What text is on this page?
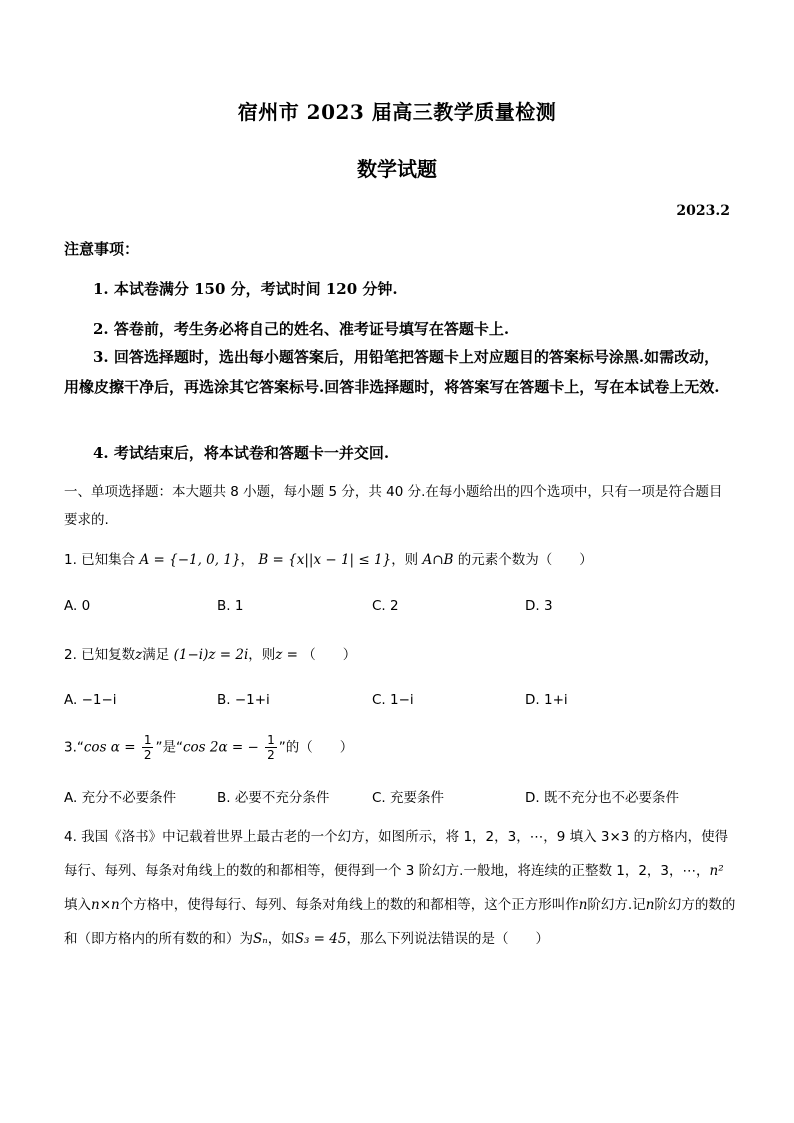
宿州市 2023 届高三教学质量检测
数学试题
2023.2
注意事项：
1. 本试卷满分 150 分，考试时间 120 分钟.
2. 答卷前，考生务必将自己的姓名、准考证号填写在答题卡上.
3. 回答选择题时，选出每小题答案后，用铅笔把答题卡上对应题目的答案标号涂黑.如需改动，用橡皮擦干净后，再选涂其它答案标号.回答非选择题时，将答案写在答题卡上，写在本试卷上无效.
4. 考试结束后，将本试卷和答题卡一并交回.
一、单项选择题：本大题共 8 小题，每小题 5 分，共 40 分.在每小题给出的四个选项中，只有一项是符合题目要求的.
1. 已知集合 A = {−1, 0, 1}， B = {x||x − 1| ≤ 1}，则 A∩B 的元素个数为（　　）
A. 0	B. 1	C. 2	D. 3
2. 已知复数z满足 (1−i)z = 2i，则z = （　　）
A. −1−i	B. −1+i	C. 1−i	D. 1+i
3.“cos $\alpha = \frac{1}{2}$ ”是“cos 2α = − $\frac{1}{2}$ ”的（　　）
A. 充分不必要条件	B. 必要不充分条件	C. 充要条件	D. 既不充分也不必要条件
4. 我国《洛书》中记载着世界上最古老的一个幻方，如图所示，将 1，2，3，⋯，9 填入 3×3 的方格内，使得每行、每列、每条对角线上的数的和都相等，便得到一个 3 阶幻方.一般地，将连续的正整数 1，2，3，⋯，n²填入n×n个方格中，使得每行、每列、每条对角线上的数的和都相等，这个正方形叫作n阶幻方.记n阶幻方的数的和（即方格内的所有数的和）为Sₙ，如S₃ = 45，那么下列说法错误的是（　　）
